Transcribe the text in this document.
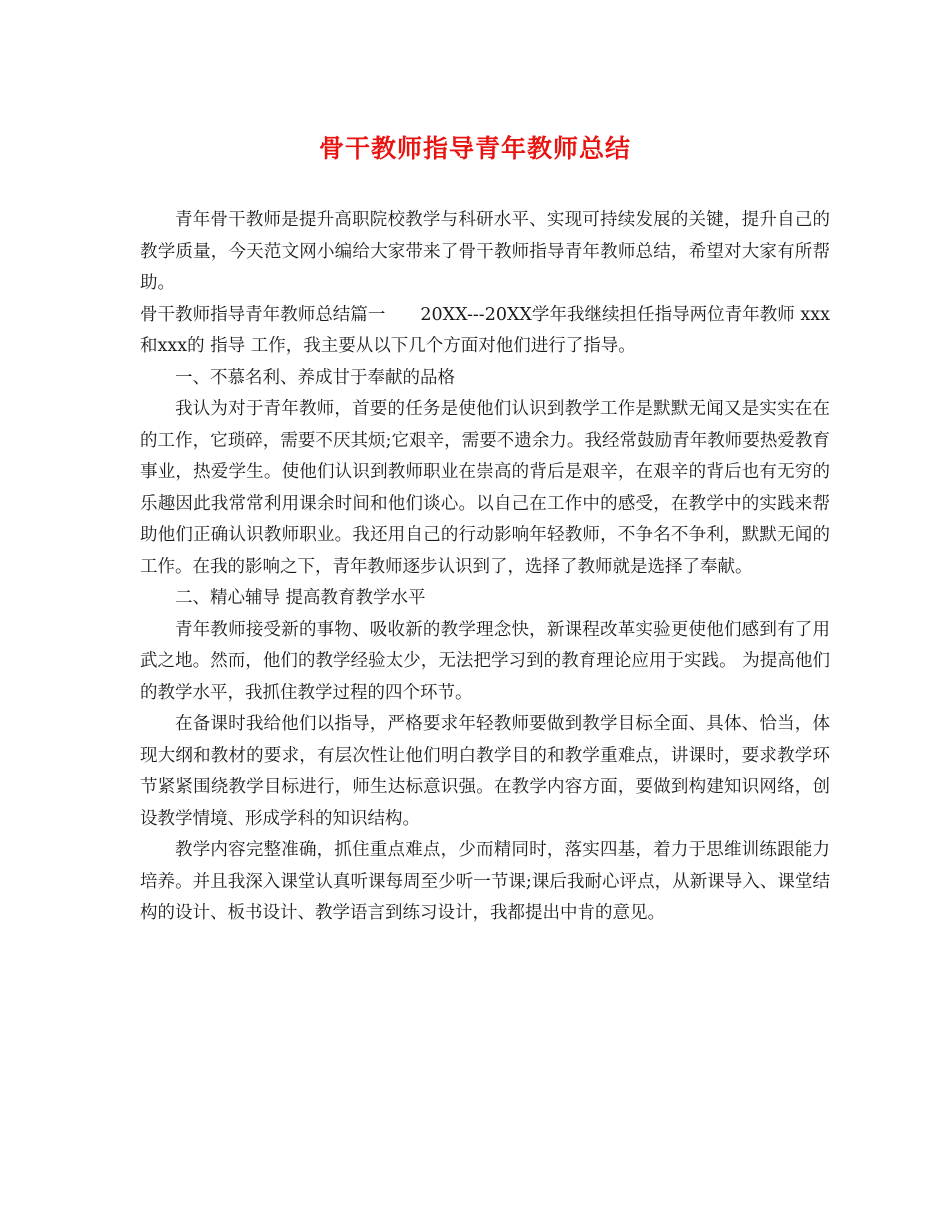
骨干教师指导青年教师总结

青年骨干教师是提升高职院校教学与科研水平、实现可持续发展的关键，提升自己的教学质量，今天范文网小编给大家带来了骨干教师指导青年教师总结，希望对大家有所帮助。

骨干教师指导青年教师总结篇一　　20XX---20XX学年我继续担任指导两位青年教师 xxx和xxx的 指导 工作，我主要从以下几个方面对他们进行了指导。

一、不慕名利、养成甘于奉献的品格

我认为对于青年教师，首要的任务是使他们认识到教学工作是默默无闻又是实实在在的工作，它琐碎，需要不厌其烦;它艰辛，需要不遗余力。我经常鼓励青年教师要热爱教育事业，热爱学生。使他们认识到教师职业在崇高的背后是艰辛，在艰辛的背后也有无穷的乐趣因此我常常利用课余时间和他们谈心。以自己在工作中的感受，在教学中的实践来帮助他们正确认识教师职业。我还用自己的行动影响年轻教师，不争名不争利，默默无闻的工作。在我的影响之下，青年教师逐步认识到了，选择了教师就是选择了奉献。

二、精心辅导 提高教育教学水平

青年教师接受新的事物、吸收新的教学理念快，新课程改革实验更使他们感到有了用武之地。然而，他们的教学经验太少，无法把学习到的教育理论应用于实践。 为提高他们的教学水平，我抓住教学过程的四个环节。

在备课时我给他们以指导，严格要求年轻教师要做到教学目标全面、具体、恰当，体现大纲和教材的要求，有层次性让他们明白教学目的和教学重难点，讲课时，要求教学环节紧紧围绕教学目标进行，师生达标意识强。在教学内容方面，要做到构建知识网络，创设教学情境、形成学科的知识结构。

教学内容完整准确，抓住重点难点，少而精同时，落实四基，着力于思维训练跟能力培养。并且我深入课堂认真听课每周至少听一节课;课后我耐心评点，从新课导入、课堂结构的设计、板书设计、教学语言到练习设计，我都提出中肯的意见。
